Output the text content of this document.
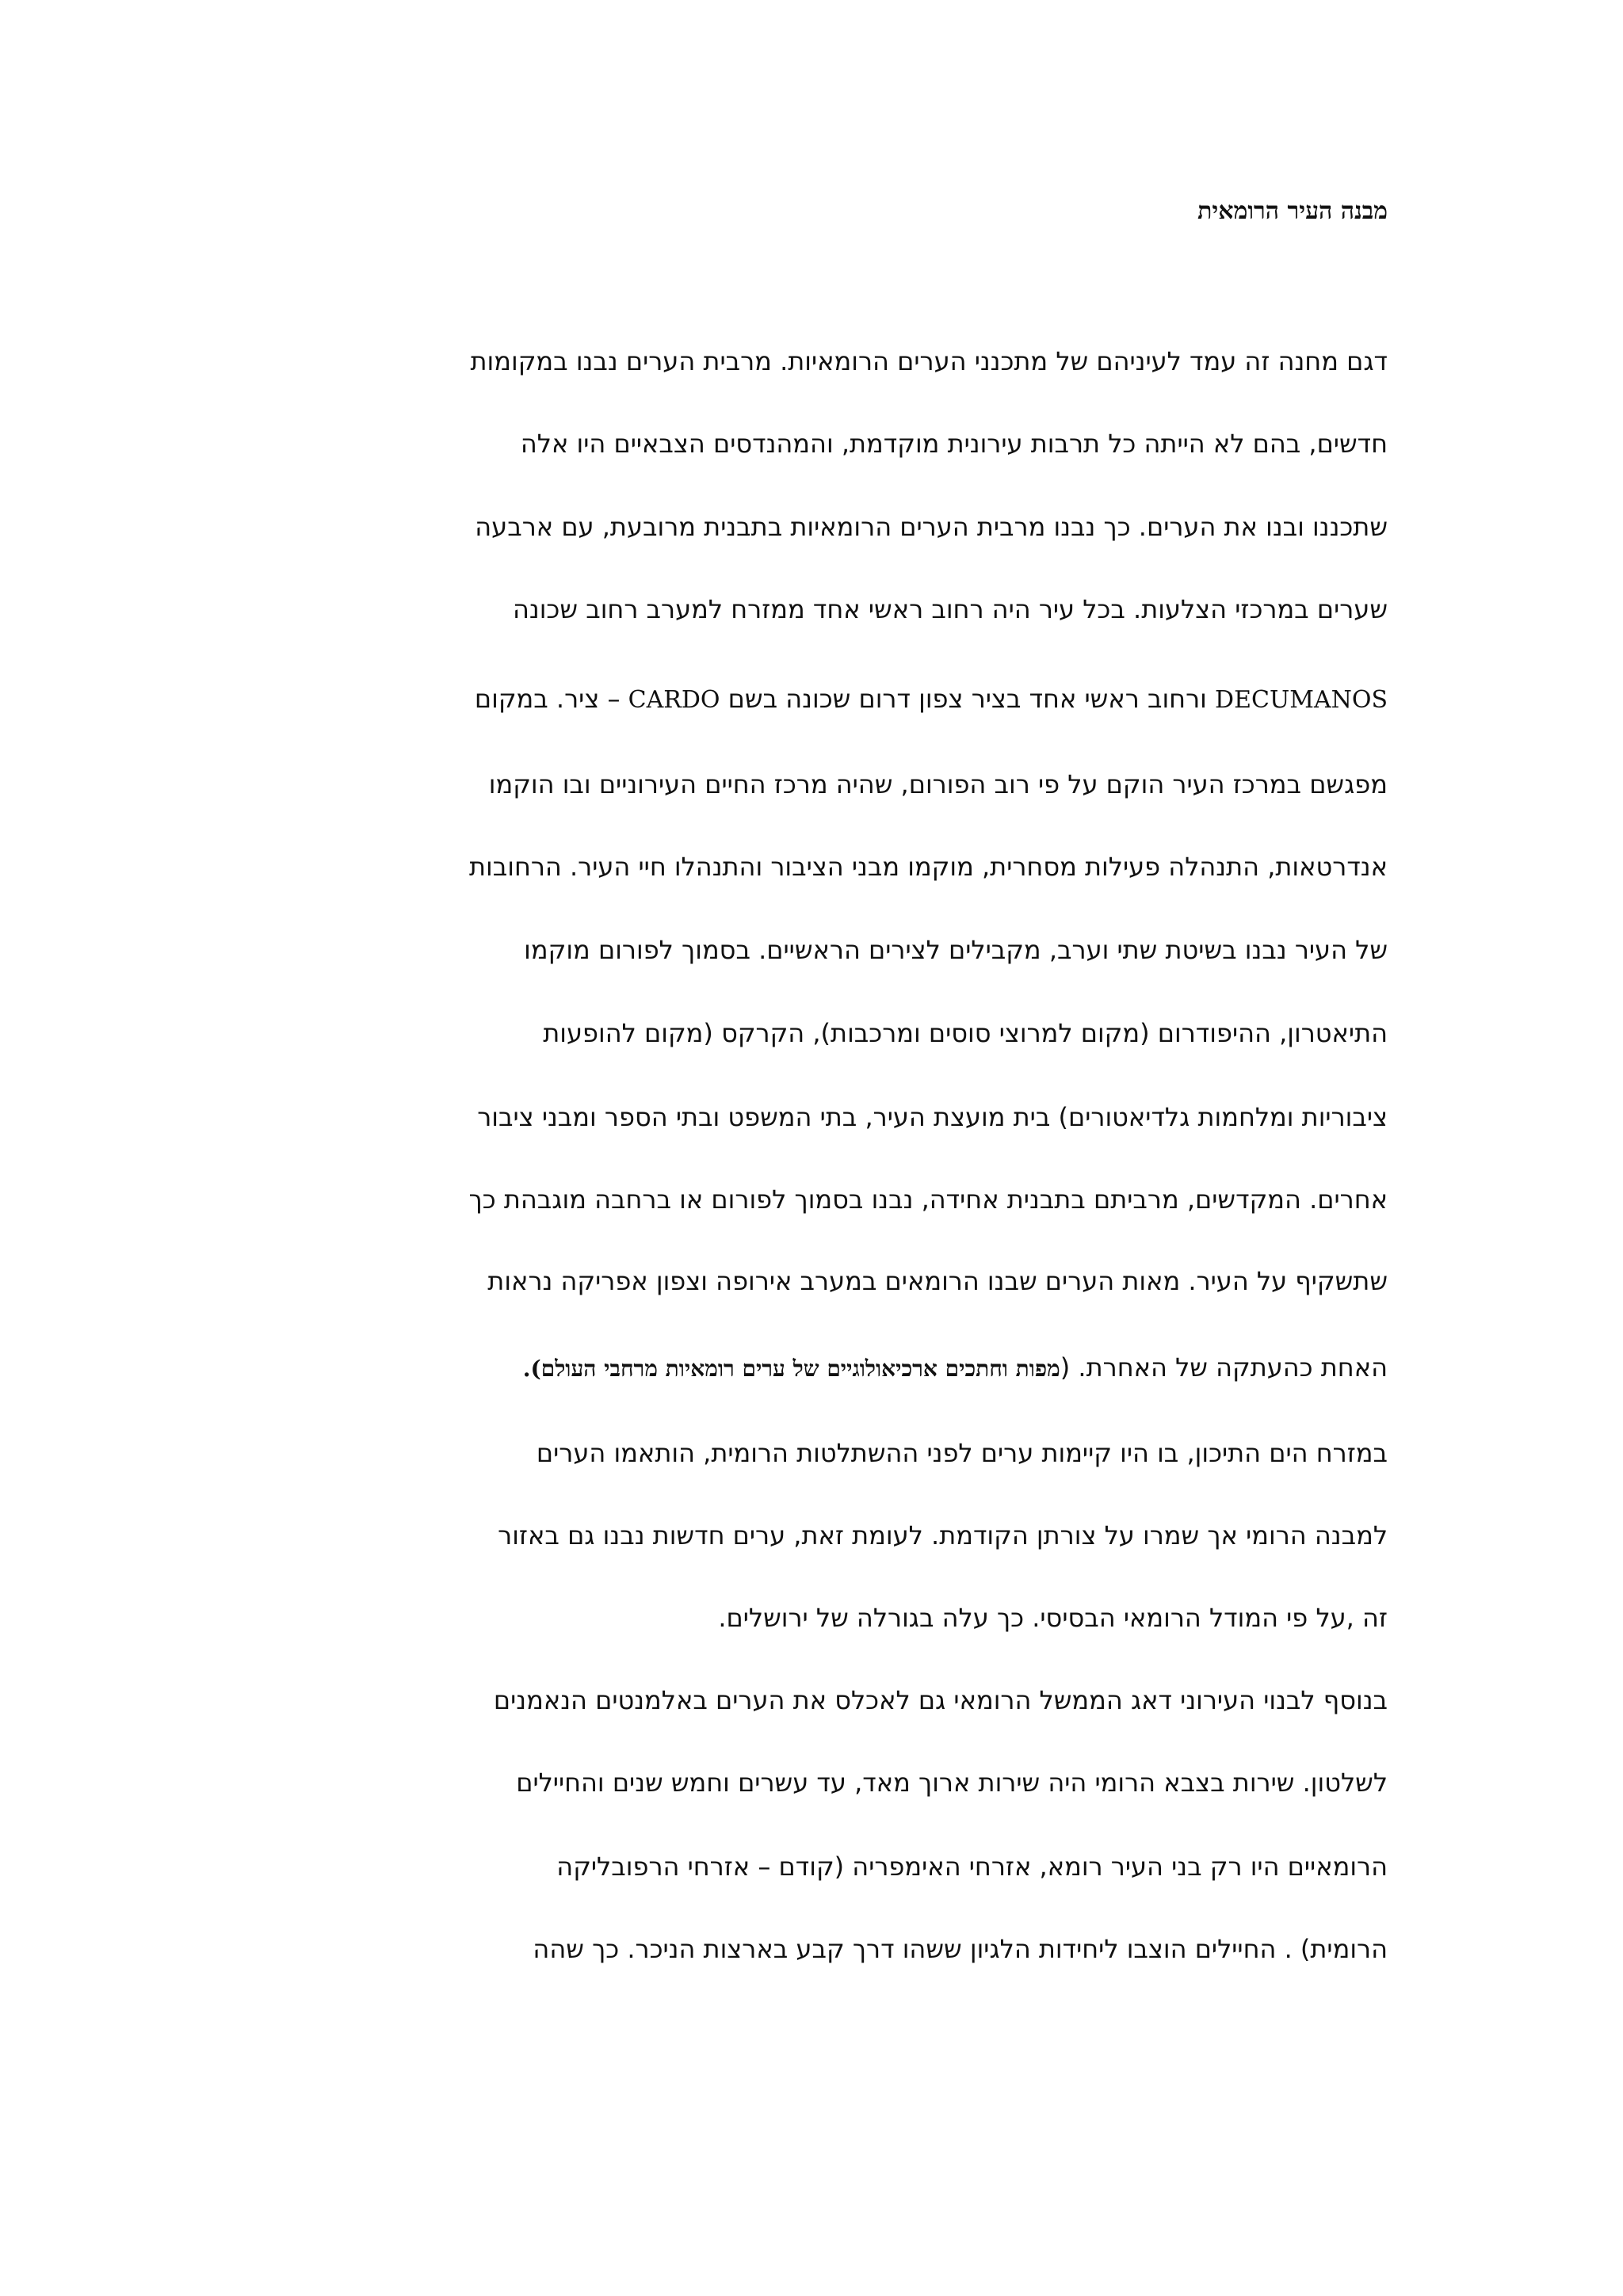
מבנה העיר הרומאית
דגם מחנה זה עמד לעיניהם של מתכנני הערים הרומאיות. מרבית הערים נבנו במקומות
חדשים, בהם לא הייתה כל תרבות עירונית מוקדמת, והמהנדסים הצבאיים היו אלה
שתכננו ובנו את הערים. כך נבנו מרבית הערים הרומאיות בתבנית מרובעת, עם ארבעה
שערים במרכזי הצלעות. בכל עיר היה רחוב ראשי אחד ממזרח למערב רחוב שכונה
DECUMANOS ורחוב ראשי אחד בציר צפון דרום שכונה בשם CARDO – ציר. במקום
מפגשם במרכז העיר הוקם על פי רוב הפורום, שהיה מרכז החיים העירוניים ובו הוקמו
אנדרטאות, התנהלה פעילות מסחרית, מוקמו מבני הציבור והתנהלו חיי העיר. הרחובות
של העיר נבנו בשיטת שתי וערב, מקבילים לצירים הראשיים. בסמוך לפורום מוקמו
התיאטרון, ההיפודרום (מקום למרוצי סוסים ומרכבות), הקרקס (מקום להופעות
ציבוריות ומלחמות גלדיאטורים) בית מועצת העיר, בתי המשפט ובתי הספר ומבני ציבור
אחרים. המקדשים, מרביתם בתבנית אחידה, נבנו בסמוך לפורום או ברחבה מוגבהת כך
שתשקיף על העיר. מאות הערים שבנו הרומאים במערב אירופה וצפון אפריקה נראות
האחת כהעתקה של האחרת. (מפות וחתכים ארכיאולוגיים של ערים רומאיות מרחבי העולם).
במזרח הים התיכון, בו היו קיימות ערים לפני ההשתלטות הרומית, הותאמו הערים
למבנה הרומי אך שמרו על צורתן הקודמת. לעומת זאת, ערים חדשות נבנו גם באזור
זה ,על פי המודל הרומאי הבסיסי. כך עלה בגורלה של ירושלים.
בנוסף לבנוי העירוני דאג הממשל הרומאי גם לאכלס את הערים באלמנטים הנאמנים
לשלטון. שירות בצבא הרומי היה שירות ארוך מאד, עד עשרים וחמש שנים והחיילים
הרומאיים היו רק בני העיר רומא, אזרחי האימפריה (קודם – אזרחי הרפובליקה
הרומית) . החיילים הוצבו ליחידות הלגיון ששהו דרך קבע בארצות הניכר. כך שהה
